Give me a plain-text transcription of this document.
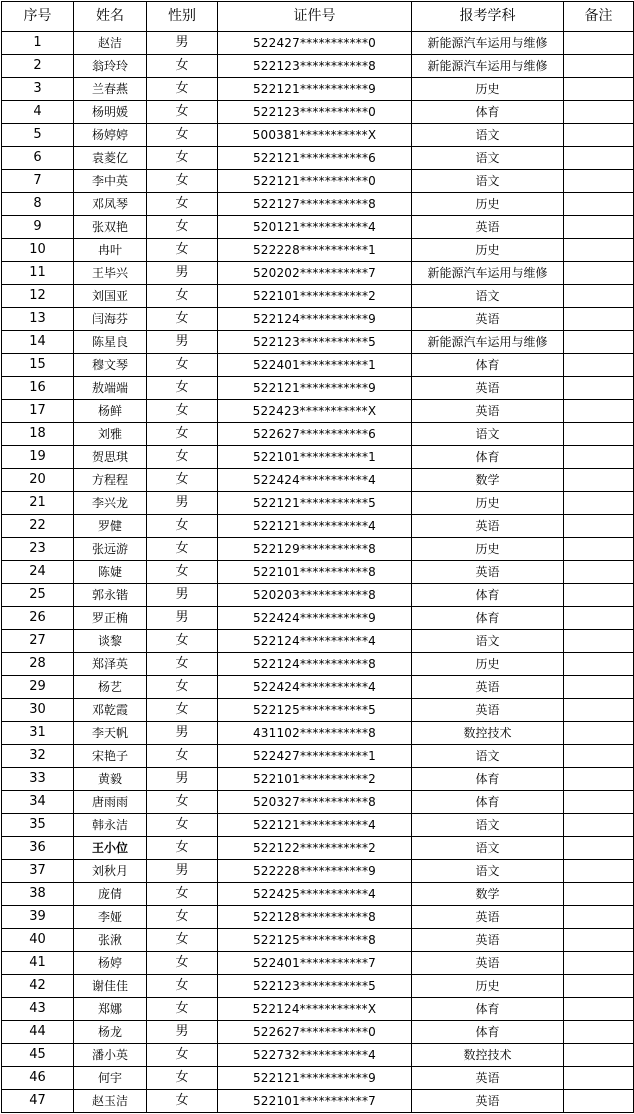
序号	姓名	性别	证件号	报考学科	备注
1	赵洁	男	522427***********0	新能源汽车运用与维修	
2	翁玲玲	女	522123***********8	新能源汽车运用与维修	
3	兰春燕	女	522121***********9	历史	
4	杨明媛	女	522123***********0	体育	
5	杨婷婷	女	500381***********X	语文	
6	袁菱亿	女	522121***********6	语文	
7	李中英	女	522121***********0	语文	
8	邓凤琴	女	522127***********8	历史	
9	张双艳	女	520121***********4	英语	
10	冉叶	女	522228***********1	历史	
11	王毕兴	男	520202***********7	新能源汽车运用与维修	
12	刘国亚	女	522101***********2	语文	
13	闫海芬	女	522124***********9	英语	
14	陈星良	男	522123***********5	新能源汽车运用与维修	
15	穆文琴	女	522401***********1	体育	
16	敖端端	女	522121***********9	英语	
17	杨鲜	女	522423***********X	英语	
18	刘雅	女	522627***********6	语文	
19	贺思琪	女	522101***********1	体育	
20	方程程	女	522424***********4	数学	
21	李兴龙	男	522121***********5	历史	
22	罗健	女	522121***********4	英语	
23	张远游	女	522129***********8	历史	
24	陈婕	女	522101***********8	英语	
25	郭永锴	男	520203***********8	体育	
26	罗正桷	男	522424***********9	体育	
27	谈黎	女	522124***********4	语文	
28	郑泽英	女	522124***********8	历史	
29	杨艺	女	522424***********4	英语	
30	邓乾霞	女	522125***********5	英语	
31	李天帆	男	431102***********8	数控技术	
32	宋艳子	女	522427***********1	语文	
33	黄毅	男	522101***********2	体育	
34	唐雨雨	女	520327***********8	体育	
35	韩永洁	女	522121***********4	语文	
36	王小位	女	522122***********2	语文	
37	刘秋月	男	522228***********9	语文	
38	庞倩	女	522425***********4	数学	
39	李娅	女	522128***********8	英语	
40	张湫	女	522125***********8	英语	
41	杨婷	女	522401***********7	英语	
42	谢佳佳	女	522123***********5	历史	
43	郑娜	女	522124***********X	体育	
44	杨龙	男	522627***********0	体育	
45	潘小英	女	522732***********4	数控技术	
46	何宇	女	522121***********9	英语	
47	赵玉洁	女	522101***********7	英语	
